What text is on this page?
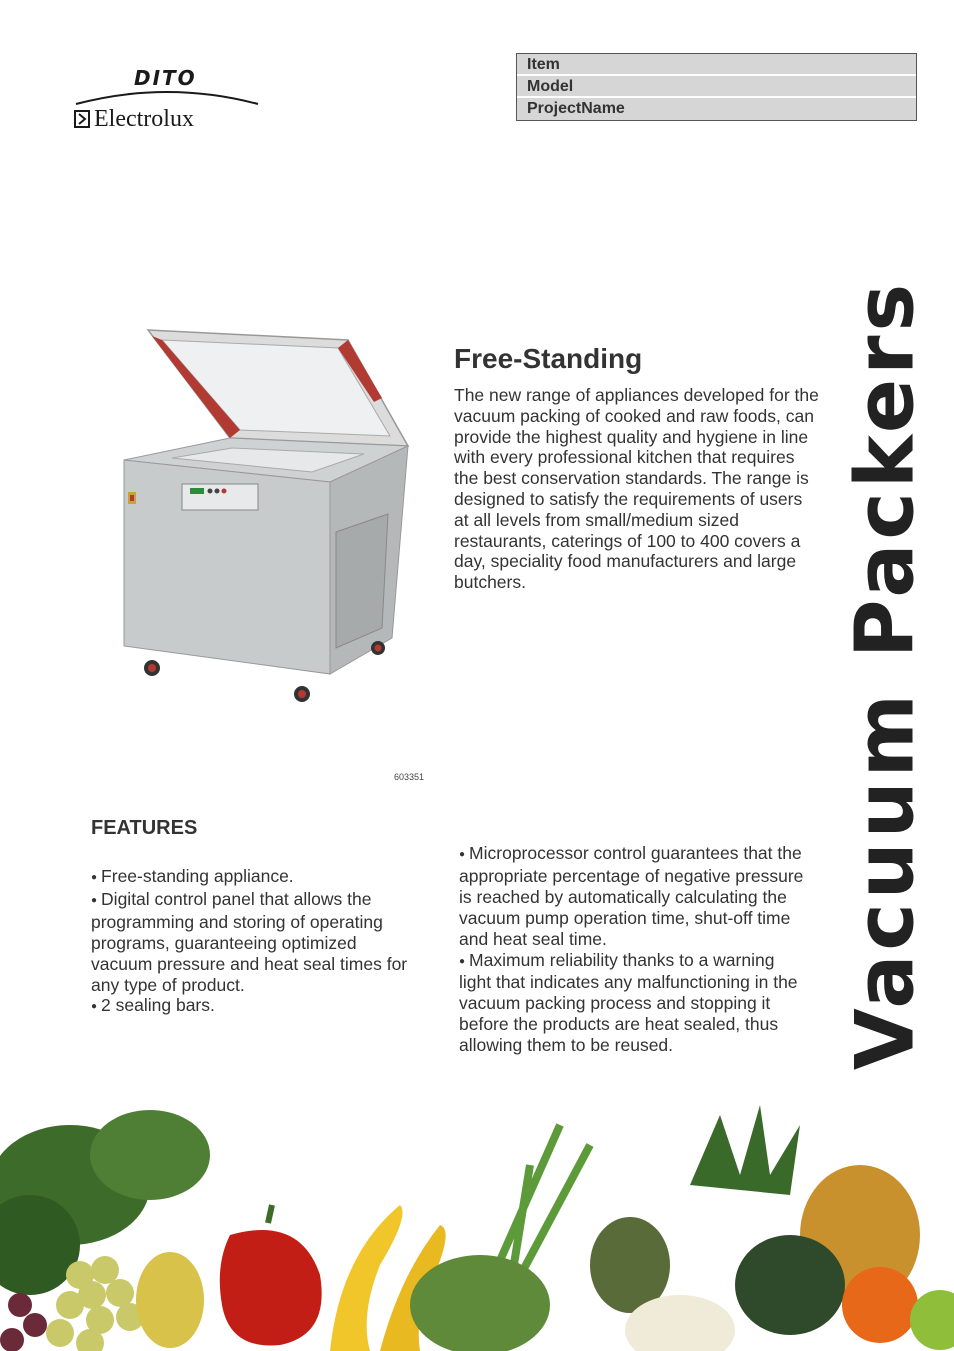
DITO
Electrolux
Item
Model
ProjectName
Vacuum Packers
603351
Free-Standing
The new range of appliances developed for the vacuum packing of cooked and raw foods, can provide the highest quality and hygiene in line with every professional kitchen that requires the best conservation standards. The range is designed to satisfy the requirements of users at all levels from small/medium sized restaurants, caterings of 100 to 400 covers a day, speciality food manufacturers and large butchers.
FEATURES
● Free-standing appliance.
● Digital control panel that allows the programming and storing of operating programs, guaranteeing optimized vacuum pressure and heat seal times for any type of product.
● 2 sealing bars.
● Microprocessor control guarantees that the appropriate percentage of negative pressure is reached by automatically calculating the vacuum pump operation time, shut-off time and heat seal time.
● Maximum reliability thanks to a warning light that indicates any malfunctioning in the vacuum packing process and stopping it before the products are heat sealed, thus allowing them to be reused.
